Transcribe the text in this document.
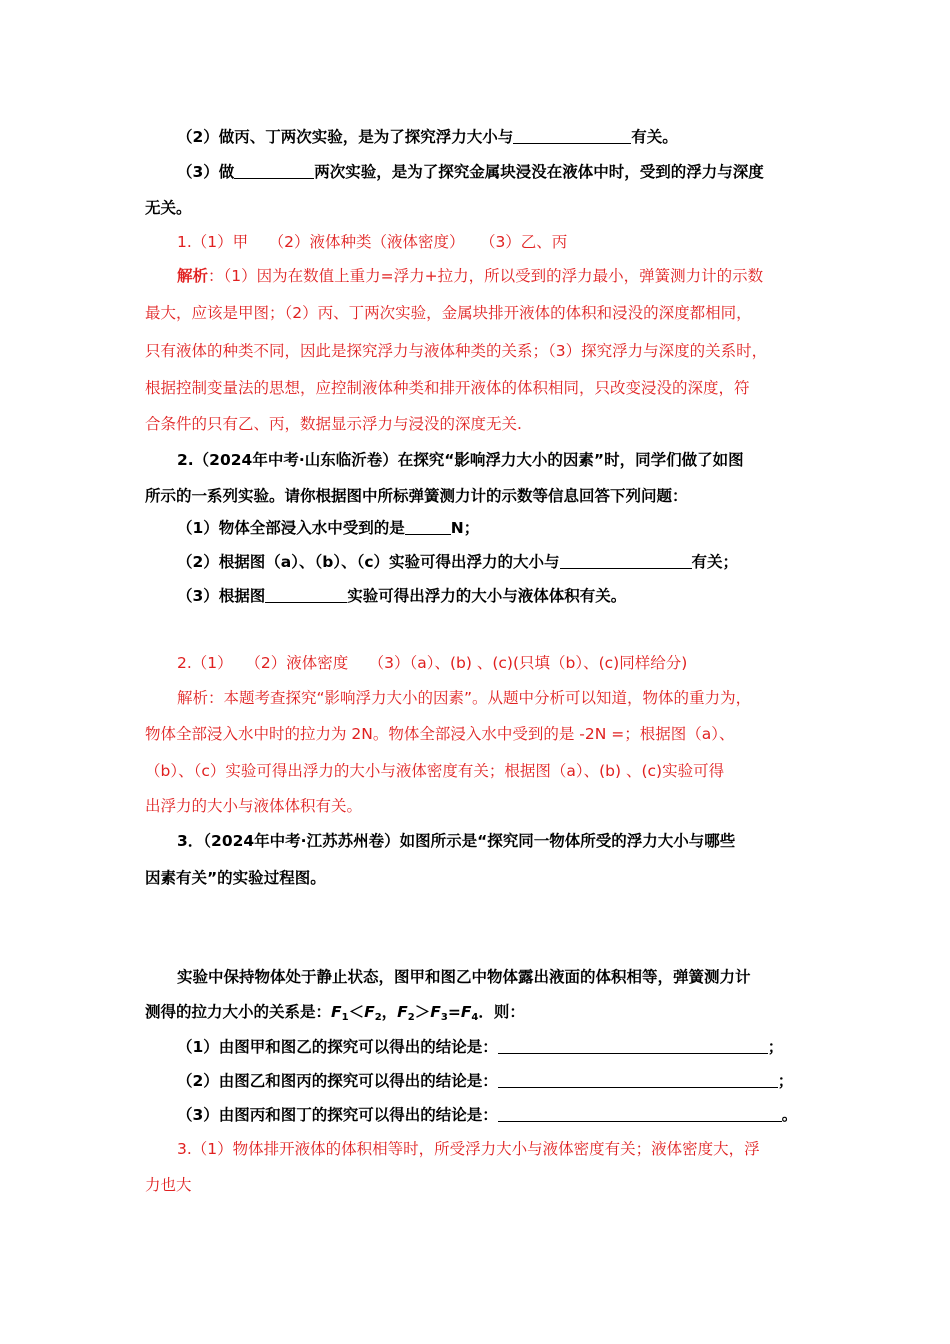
（2）做丙、丁两次实验，是为了探究浮力大小与	有关。
（3）做	两次实验，是为了探究金属块浸没在液体中时，受到的浮力与深度
无关。
1.（1）甲　 （2）液体种类（液体密度）　　（3）乙、丙
解析：（1）因为在数值上重力=浮力+拉力，所以受到的浮力最小，弹簧测力计的示数
最大，应该是甲图；（2）丙、丁两次实验，金属块排开液体的体积和浸没的深度都相同，
只有液体的种类不同，因此是探究浮力与液体种类的关系；（3）探究浮力与深度的关系时，
根据控制变量法的思想，应控制液体种类和排开液体的体积相同，只改变浸没的深度，符
合条件的只有乙、丙，数据显示浮力与浸没的深度无关.
2.（2024年中考·山东临沂卷）在探究“影响浮力大小的因素”时，同学们做了如图
所示的一系列实验。请你根据图中所标弹簧测力计的示数等信息回答下列问题：
（1）物体全部浸入水中受到的是	N；
（2）根据图（a）、（b）、（c）实验可得出浮力的大小与	有关；
（3）根据图	实验可得出浮力的大小与液体体积有关。
2.（1）　 （2）液体密度　 （3）（a）、(b) 、(c)(只填（b）、(c)同样给分)
解析：本题考查探究“影响浮力大小的因素”。从题中分析可以知道，物体的重力为，
物体全部浸入水中时的拉力为 2N。物体全部浸入水中受到的是 -2N =；根据图（a）、
（b）、（c）实验可得出浮力的大小与液体密度有关；根据图（a）、(b) 、(c)实验可得
出浮力的大小与液体体积有关。
3．（2024年中考·江苏苏州卷）如图所示是“探究同一物体所受的浮力大小与哪些
因素有关”的实验过程图。
实验中保持物体处于静止状态，图甲和图乙中物体露出液面的体积相等，弹簧测力计
测得的拉力大小的关系是：$F_1<F_2$，$F_2>F_3=F_4$．则：
（1）由图甲和图乙的探究可以得出的结论是：	；
（2）由图乙和图丙的探究可以得出的结论是：	；
（3）由图丙和图丁的探究可以得出的结论是：	。
3.（1）物体排开液体的体积相等时，所受浮力大小与液体密度有关；液体密度大，浮
力也大
